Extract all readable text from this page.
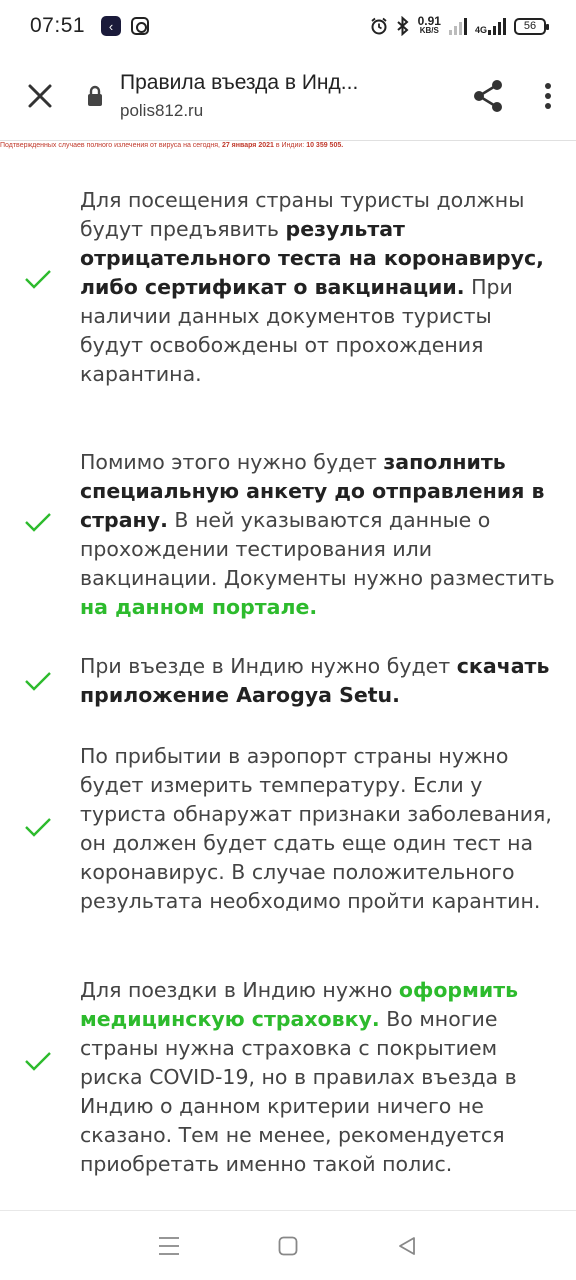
07:51	‹	0.91
KB/S	4G	56
Правила въезда в Инд...
polis812.ru
Подтвержденных случаев полного излечения от вируса на сегодня, 27 января 2021 в Индии: 10 359 505.
Для посещения страны туристы должны будут предъявить результат отрицательного теста на коронавирус, либо сертификат о вакцинации. При наличии данных документов туристы будут освобождены от прохождения карантина.
Помимо этого нужно будет заполнить специальную анкету до отправления в страну. В ней указываются данные о прохождении тестирования или вакцинации. Документы нужно разместить на данном портале.
При въезде в Индию нужно будет скачать приложение Aarogya Setu.
По прибытии в аэропорт страны нужно будет измерить температуру. Если у туриста обнаружат признаки заболевания, он должен будет сдать еще один тест на коронавирус. В случае положительного результата необходимо пройти карантин.
Для поездки в Индию нужно оформить медицинскую страховку. Во многие страны нужна страховка с покрытием риска COVID-19, но в правилах въезда в Индию о данном критерии ничего не сказано. Тем не менее, рекомендуется приобретать именно такой полис.
